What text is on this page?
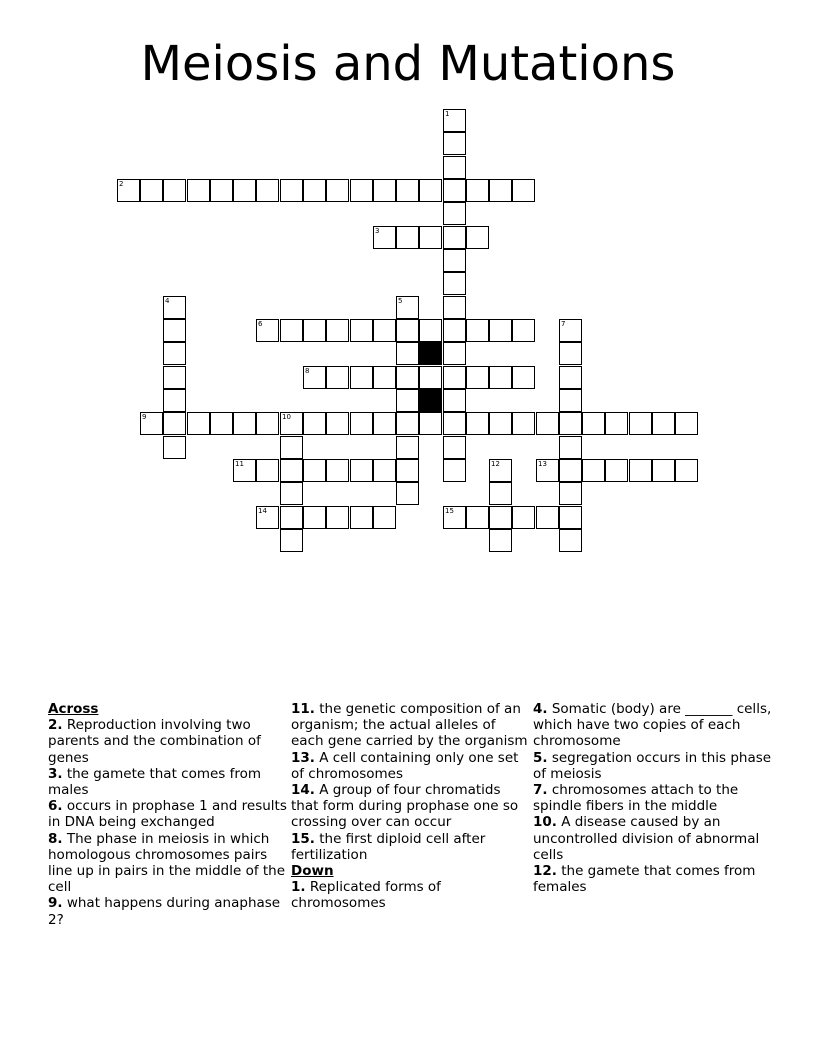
Meiosis and Mutations
1
2
3
4	5
6	7
8
9	10
11	12	13
14	15

Across

2. Reproduction involving two parents and the combination of genes

3. the gamete that comes from males

6. occurs in prophase 1 and results in DNA being exchanged

8. The phase in meiosis in which homologous chromosomes pairs line up in pairs in the middle of the cell

9. what happens during anaphase 2?

11. the genetic composition of an organism; the actual alleles of each gene carried by the organism

13. A cell containing only one set of chromosomes

14. A group of four chromatids that form during prophase one so crossing over can occur

15. the first diploid cell after fertilization

Down

1. Replicated forms of chromosomes

4. Somatic (body) are _______ cells, which have two copies of each chromosome

5. segregation occurs in this phase of meiosis

7. chromosomes attach to the spindle fibers in the middle

10. A disease caused by an uncontrolled division of abnormal cells

12. the gamete that comes from females
